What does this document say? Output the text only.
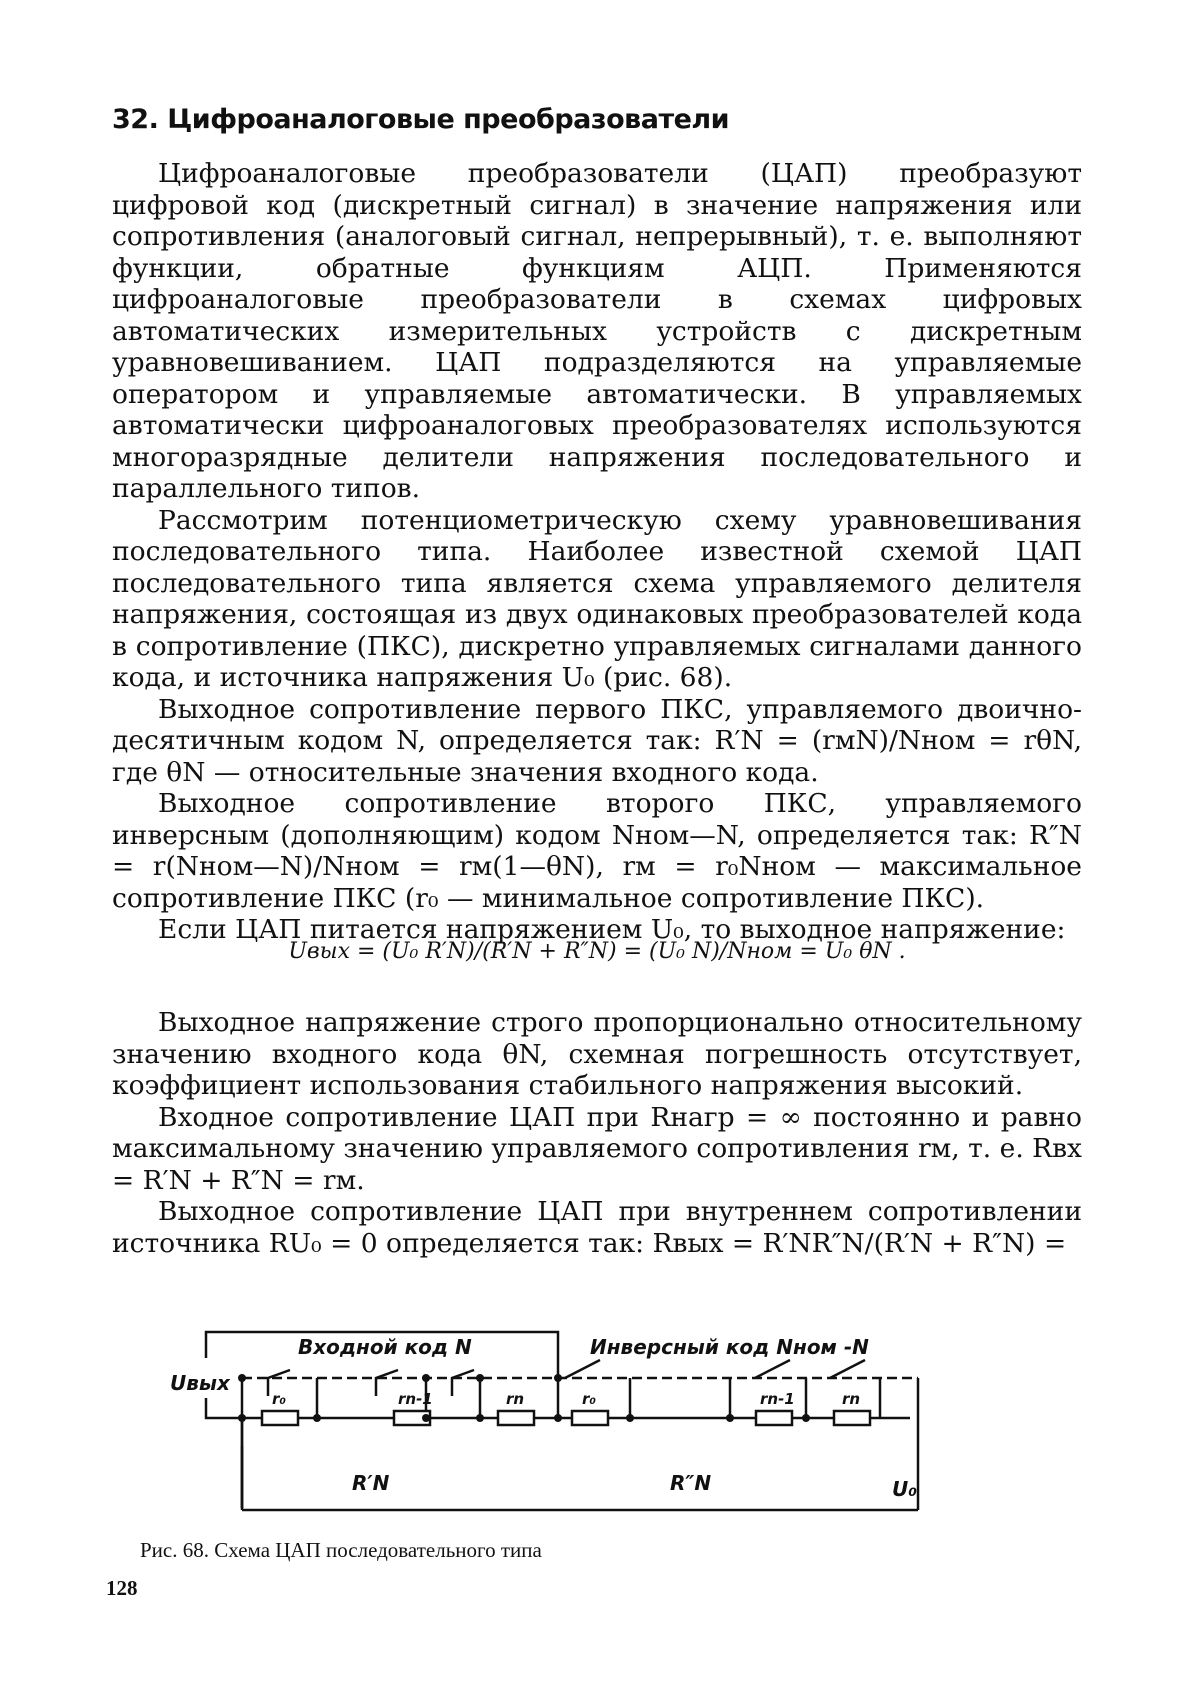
32. Цифроаналоговые преобразователи

Цифроаналоговые преобразователи (ЦАП) преобразуют цифровой код (дискретный сигнал) в значение напряжения или сопротивления (аналоговый сигнал, непрерывный), т. е. выполняют функции, обратные функциям АЦП. Применяются цифроаналоговые преобразователи в схемах цифровых автоматических измерительных устройств с дискретным уравновешиванием. ЦАП подразделяются на управляемые оператором и управляемые автоматически. В управляемых автоматически цифроаналоговых преобразователях используются многоразрядные делители напряжения последовательного и параллельного типов.

Рассмотрим потенциометрическую схему уравновешивания последовательного типа. Наиболее известной схемой ЦАП последовательного типа является схема управляемого делителя напряжения, состоящая из двух одинаковых преобразователей кода в сопротивление (ПКС), дискретно управляемых сигналами данного кода, и источника напряжения U₀ (рис. 68).

Выходное сопротивление первого ПКС, управляемого двоично-десятичным кодом N, определяется так: R′N = (rмN)/Nном = rθN, где θN — относительные значения входного кода.

Выходное сопротивление второго ПКС, управляемого инверсным (дополняющим) кодом Nном—N, определяется так: R″N = r(Nном—N)/Nном = rм(1—θN), rм = r₀Nном — максимальное сопротивление ПКС (r₀ — минимальное сопротивление ПКС).

Если ЦАП питается напряжением U₀, то выходное напряжение:

Uвых = (U₀ R′N)/(R′N + R″N) = (U₀ N)/Nном = U₀ θN .

Выходное напряжение строго пропорционально относительному значению входного кода θN, схемная погрешность отсутствует, коэффициент использования стабильного напряжения высокий.

Входное сопротивление ЦАП при Rнагр = ∞ постоянно и равно максимальному значению управляемого сопротивления rм, т. е. Rвх = R′N + R″N = rм.

Выходное сопротивление ЦАП при внутреннем сопротивлении источника RU₀ = 0 определяется так: Rвых = R′NR″N/(R′N + R″N) =

Входной код N	Инверсный код Nном -N
Uвых
U₀
R′N	R″N
r₀	rn-1	rn	r₀	rn-1	rn
Рис. 68. Схема ЦАП последовательного типа
128
